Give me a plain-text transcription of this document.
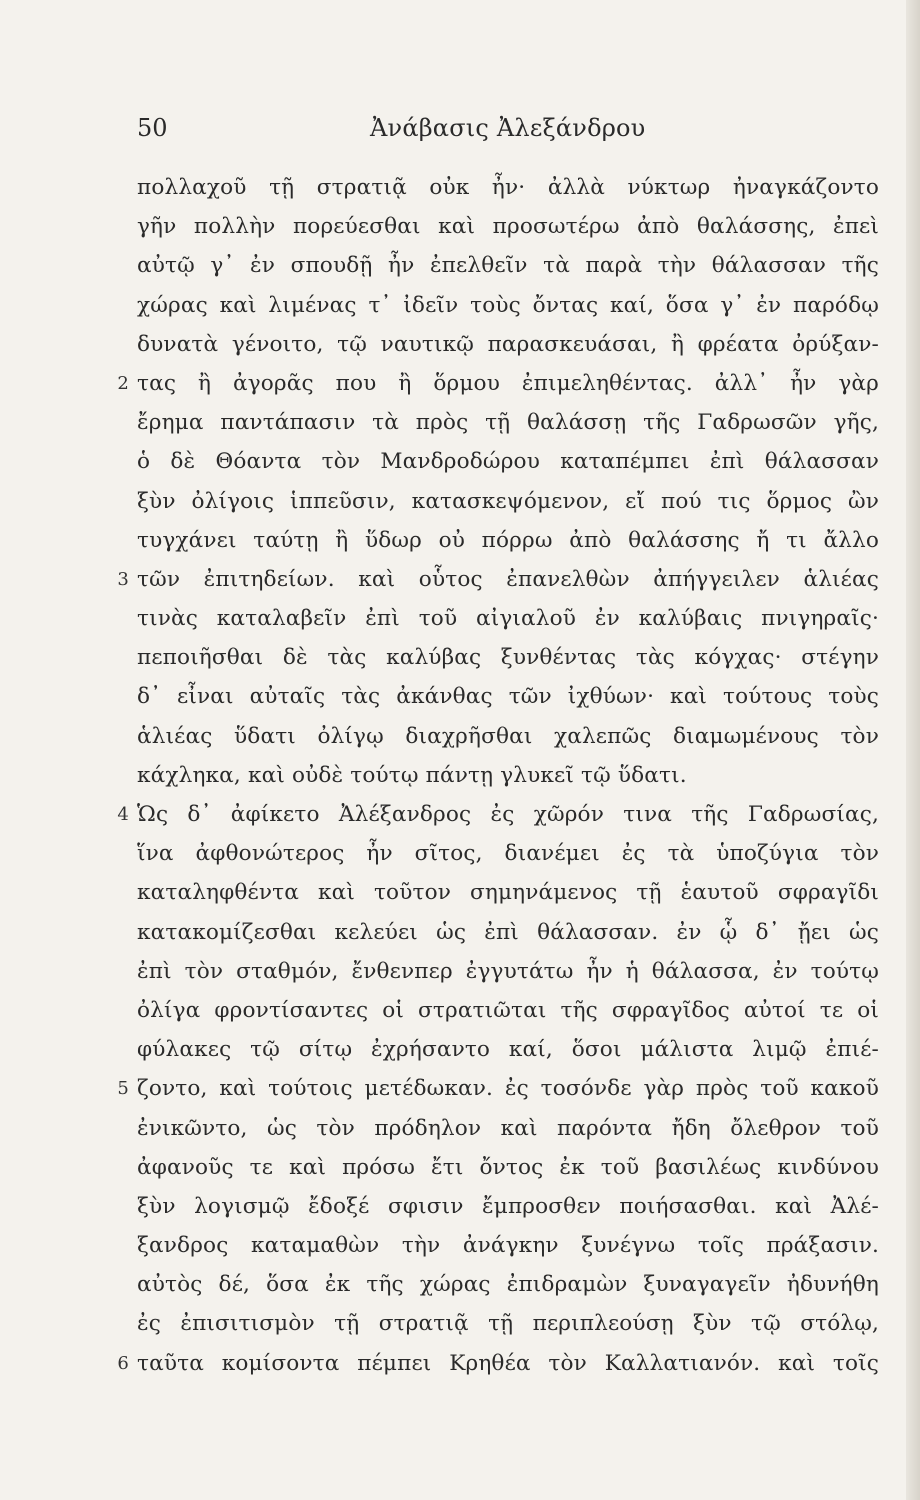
50	Ἀνάβασις Ἀλεξάνδρου
πολλαχοῦ τῇ στρατιᾷ οὐκ ἦν· ἀλλὰ νύκτωρ ἠναγκάζοντο
γῆν πολλὴν πορεύεσθαι καὶ προσωτέρω ἀπὸ θαλάσσης, ἐπεὶ
αὐτῷ γ᾽ ἐν σπουδῇ ἦν ἐπελθεῖν τὰ παρὰ τὴν θάλασσαν τῆς
χώρας καὶ λιμένας τ᾽ ἰδεῖν τοὺς ὄντας καί, ὅσα γ᾽ ἐν παρόδῳ
δυνατὰ γένοιτο, τῷ ναυτικῷ παρασκευάσαι, ἢ φρέατα ὀρύξαν-
2 τας ἢ ἀγορᾶς που ἢ ὅρμου ἐπιμεληθέντας. ἀλλ᾽ ἦν γὰρ
ἔρημα παντάπασιν τὰ πρὸς τῇ θαλάσσῃ τῆς Γαδρωσῶν γῆς,
ὁ δὲ Θόαντα τὸν Μανδροδώρου καταπέμπει ἐπὶ θάλασσαν
ξὺν ὀλίγοις ἱππεῦσιν, κατασκεψόμενον, εἴ πού τις ὅρμος ὢν
τυγχάνει ταύτῃ ἢ ὕδωρ οὐ πόρρω ἀπὸ θαλάσσης ἤ τι ἄλλο
3 τῶν ἐπιτηδείων. καὶ οὗτος ἐπανελθὼν ἀπήγγειλεν ἁλιέας
τινὰς καταλαβεῖν ἐπὶ τοῦ αἰγιαλοῦ ἐν καλύβαις πνιγηραῖς·
πεποιῆσθαι δὲ τὰς καλύβας ξυνθέντας τὰς κόγχας· στέγην
δ᾽ εἶναι αὐταῖς τὰς ἀκάνθας τῶν ἰχθύων· καὶ τούτους τοὺς
ἁλιέας ὕδατι ὀλίγῳ διαχρῆσθαι χαλεπῶς διαμωμένους τὸν
κάχληκα, καὶ οὐδὲ τούτῳ πάντῃ γλυκεῖ τῷ ὕδατι.
4 Ὡς δ᾽ ἀφίκετο Ἀλέξανδρος ἐς χῶρόν τινα τῆς Γαδρωσίας,
ἵνα ἀφθονώτερος ἦν σῖτος, διανέμει ἐς τὰ ὑποζύγια τὸν
καταληφθέντα καὶ τοῦτον σημηνάμενος τῇ ἑαυτοῦ σφραγῖδι
κατακομίζεσθαι κελεύει ὡς ἐπὶ θάλασσαν. ἐν ᾧ δ᾽ ᾔει ὡς
ἐπὶ τὸν σταθμόν, ἔνθενπερ ἐγγυτάτω ἦν ἡ θάλασσα, ἐν τούτῳ
ὀλίγα φροντίσαντες οἱ στρατιῶται τῆς σφραγῖδος αὐτοί τε οἱ
φύλακες τῷ σίτῳ ἐχρήσαντο καί, ὅσοι μάλιστα λιμῷ ἐπιέ-
5 ζοντο, καὶ τούτοις μετέδωκαν. ἐς τοσόνδε γὰρ πρὸς τοῦ κακοῦ
ἐνικῶντο, ὡς τὸν πρόδηλον καὶ παρόντα ἤδη ὄλεθρον τοῦ
ἀφανοῦς τε καὶ πρόσω ἔτι ὄντος ἐκ τοῦ βασιλέως κινδύνου
ξὺν λογισμῷ ἔδοξέ σφισιν ἔμπροσθεν ποιήσασθαι. καὶ Ἀλέ-
ξανδρος καταμαθὼν τὴν ἀνάγκην ξυνέγνω τοῖς πράξασιν.
αὐτὸς δέ, ὅσα ἐκ τῆς χώρας ἐπιδραμὼν ξυναγαγεῖν ἠδυνήθη
ἐς ἐπισιτισμὸν τῇ στρατιᾷ τῇ περιπλεούσῃ ξὺν τῷ στόλῳ,
6 ταῦτα κομίσοντα πέμπει Κρηθέα τὸν Καλλατιανόν. καὶ τοῖς
